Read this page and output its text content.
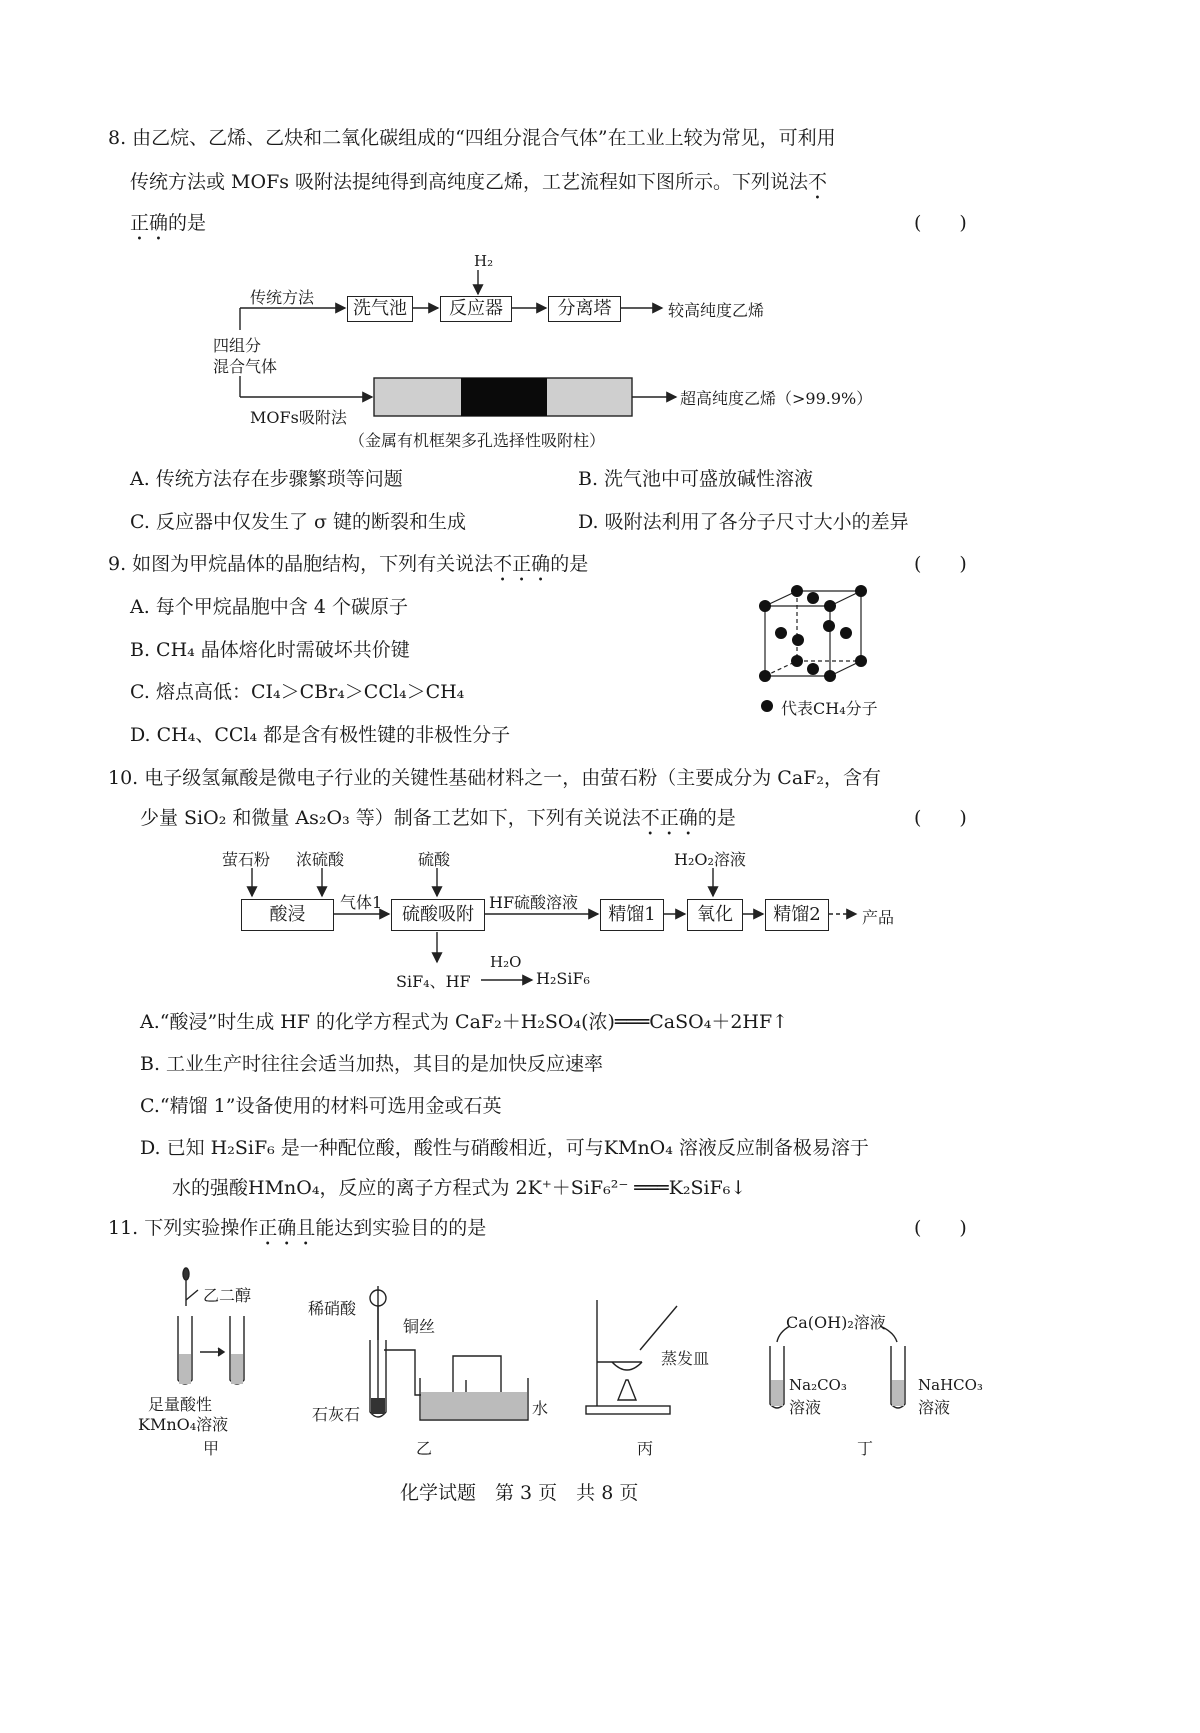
8. 由乙烷、乙烯、乙炔和二氧化碳组成的“四组分混合气体”在工业上较为常见，可利用
传统方法或 MOFs 吸附法提纯得到高纯度乙烯，工艺流程如下图所示。下列说法不
正确的是	(　　)
H₂
传统方法
四组分
混合气体
洗气池	反应器	分离塔	较高纯度乙烯
MOFs吸附法
超高纯度乙烯（>99.9%）
（金属有机框架多孔选择性吸附柱）
A. 传统方法存在步骤繁琐等问题	B. 洗气池中可盛放碱性溶液
C. 反应器中仅发生了 σ 键的断裂和生成	D. 吸附法利用了各分子尺寸大小的差异
9. 如图为甲烷晶体的晶胞结构，下列有关说法不正确的是	(　　)
A. 每个甲烷晶胞中含 4 个碳原子
B. CH₄ 晶体熔化时需破坏共价键
C. 熔点高低：CI₄＞CBr₄＞CCl₄＞CH₄
D. CH₄、CCl₄ 都是含有极性键的非极性分子
代表CH₄分子
10. 电子级氢氟酸是微电子行业的关键性基础材料之一，由萤石粉（主要成分为 CaF₂，含有
少量 SiO₂ 和微量 As₂O₃ 等）制备工艺如下，下列有关说法不正确的是	(　　)
萤石粉 浓硫酸	硫酸	H₂O₂溶液
酸浸
气体1
硫酸吸附
HF硫酸溶液
精馏1	氧化	精馏2	产品
SiF₄、HF
H₂O
H₂SiF₆
A.“酸浸”时生成 HF 的化学方程式为 CaF₂＋H₂SO₄(浓)═══CaSO₄＋2HF↑
B. 工业生产时往往会适当加热，其目的是加快反应速率
C.“精馏 1”设备使用的材料可选用金或石英
D. 已知 H₂SiF₆ 是一种配位酸，酸性与硝酸相近，可与KMnO₄ 溶液反应制备极易溶于
水的强酸HMnO₄，反应的离子方程式为 2K⁺＋SiF₆²⁻ ═══K₂SiF₆↓
11. 下列实验操作正确且能达到实验目的的是	(　　)
乙二醇
足量酸性
KMnO₄溶液
甲
稀硝酸
铜丝
石灰石	水
乙
蒸发皿
丙
Ca(OH)₂溶液
Na₂CO₃
溶液
NaHCO₃
溶液
丁
化学试题　第 3 页　共 8 页
